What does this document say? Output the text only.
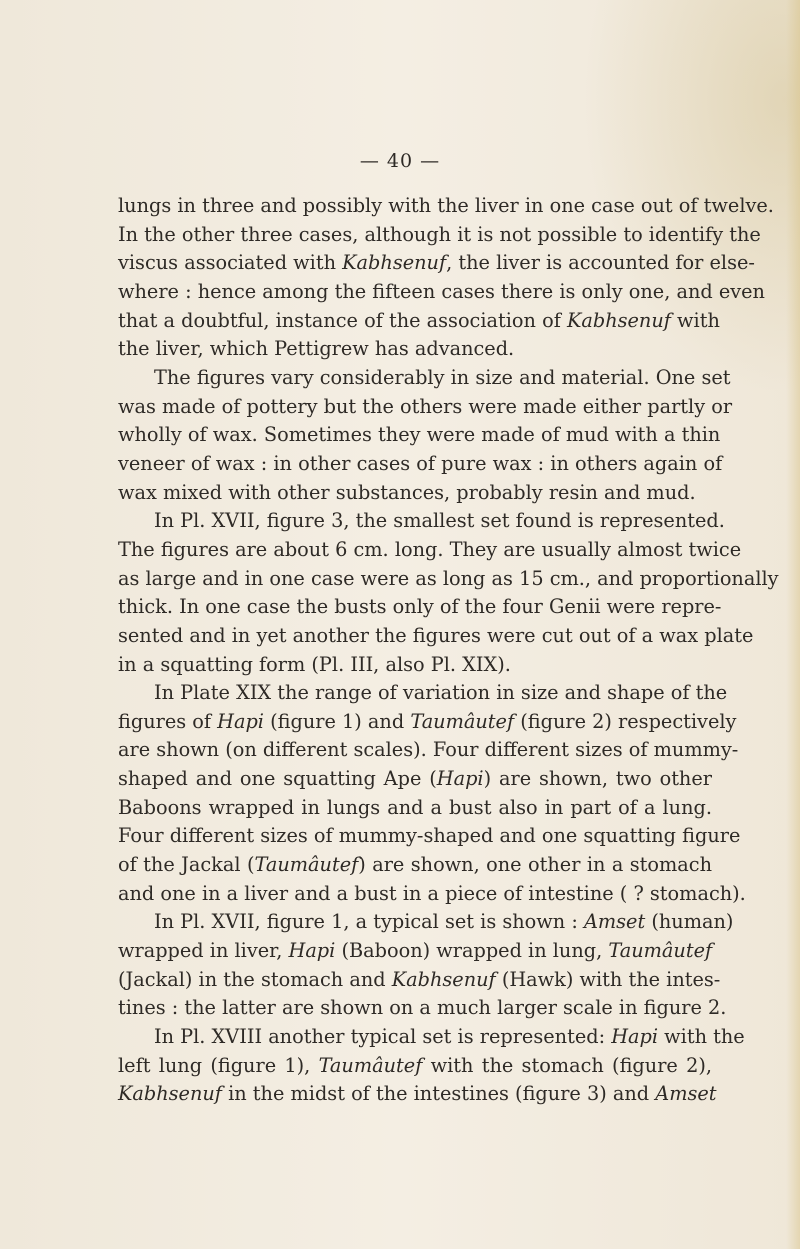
— 40 —
lungs in three and possibly with the liver in one case out of twelve.
In the other three cases, although it is not possible to identify the
viscus associated with Kabhsenuf, the liver is accounted for else-
where : hence among the fifteen cases there is only one, and even
that a doubtful, instance of the association of Kabhsenuf with
the liver, which Pettigrew has advanced.
The figures vary considerably in size and material. One set
was made of pottery but the others were made either partly or
wholly of wax. Sometimes they were made of mud with a thin
veneer of wax : in other cases of pure wax : in others again of
wax mixed with other substances, probably resin and mud.
In Pl. XVII, figure 3, the smallest set found is represented.
The figures are about 6 cm. long. They are usually almost twice
as large and in one case were as long as 15 cm., and proportionally
thick. In one case the busts only of the four Genii were repre-
sented and in yet another the figures were cut out of a wax plate
in a squatting form (Pl. III, also Pl. XIX).
In Plate XIX the range of variation in size and shape of the
figures of Hapi (figure 1) and Taumâutef (figure 2) respectively
are shown (on different scales). Four different sizes of mummy-
shaped and one squatting Ape (Hapi) are shown, two other
Baboons wrapped in lungs and a bust also in part of a lung.
Four different sizes of mummy-shaped and one squatting figure
of the Jackal (Taumâutef) are shown, one other in a stomach
and one in a liver and a bust in a piece of intestine ( ? stomach).
In Pl. XVII, figure 1, a typical set is shown : Amset (human)
wrapped in liver, Hapi (Baboon) wrapped in lung, Taumâutef
(Jackal) in the stomach and Kabhsenuf (Hawk) with the intes-
tines : the latter are shown on a much larger scale in figure 2.
In Pl. XVIII another typical set is represented: Hapi with the
left lung (figure 1), Taumâutef with the stomach (figure 2),
Kabhsenuf in the midst of the intestines (figure 3) and Amset
